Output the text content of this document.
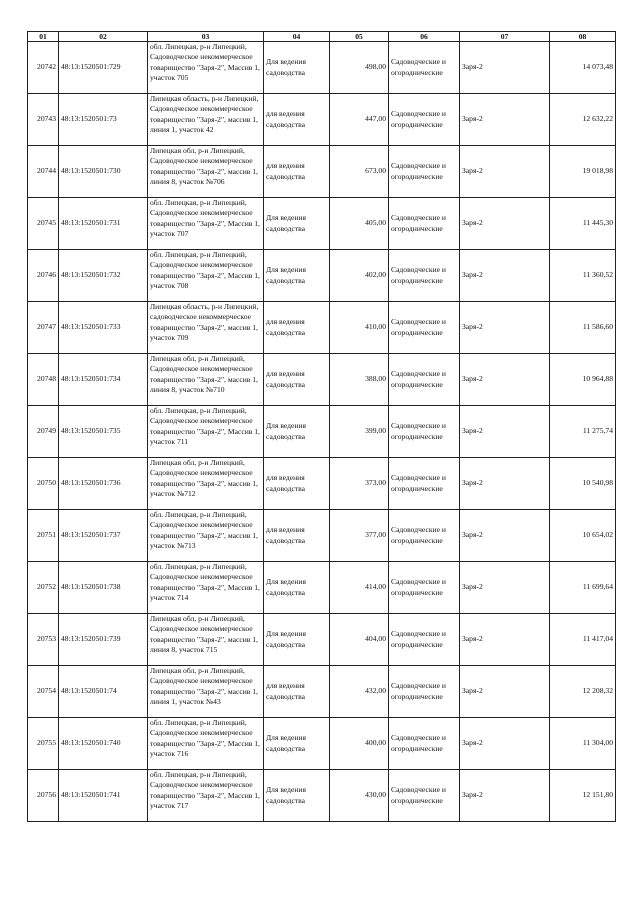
01	02	03	04	05	06	07	08
20742	48:13:1520501:729	обл. Липецкая, р-н Липецкий, Садоводческое некоммерческое товарищество "Заря-2", Массив 1, участок 705	Для ведения садоводства	498,00	Садоводческие и огороднические	Заря-2	14 073,48
20743	48:13:1520501:73	Липецкая область, р-н Липецкий, Садоводческое некоммерческое товарищество "Заря-2", массив 1, линия 1, участок 42	для ведения садоводства	447,00	Садоводческие и огороднические	Заря-2	12 632,22
20744	48:13:1520501:730	Липецкая обл, р-н Липецкий, Садоводческое некоммерческое товарищество "Заря-2", массив 1, линия 8, участок №706	для ведения садоводства	673,00	Садоводческие и огороднические	Заря-2	19 018,98
20745	48:13:1520501:731	обл. Липецкая, р-н Липецкий, Садоводческое некоммерческое товарищество "Заря-2", Массив 1, участок 707	Для ведения садоводства	405,00	Садоводческие и огороднические	Заря-2	11 445,30
20746	48:13:1520501:732	обл. Липецкая, р-н Липецкий, Садоводческое некоммерческое товарищество "Заря-2", Массив 1, участок 708	Для ведения садоводства	402,00	Садоводческие и огороднические	Заря-2	11 360,52
20747	48:13:1520501:733	Липецкая область, р-н Липецкий, садоводческое некоммерческое товарищество "Заря-2", массив 1, участок 709	для ведения садоводства	410,00	Садоводческие и огороднические	Заря-2	11 586,60
20748	48:13:1520501:734	Липецкая обл, р-н Липецкий, Садоводческое некоммерческое товарищество "Заря-2", массив 1, линия 8, участок №710	для ведения садоводства	388,00	Садоводческие и огороднические	Заря-2	10 964,88
20749	48:13:1520501:735	обл. Липецкая, р-н Липецкий, Садоводческое некоммерческое товарищество "Заря-2", Массив 1, участок 711	Для ведения садоводства	399,00	Садоводческие и огороднические	Заря-2	11 275,74
20750	48:13:1520501:736	Липецкая обл, р-н Липецкий, Садоводческое некоммерческое товарищество "Заря-2", массив 1, участок №712	для ведения садоводства	373,00	Садоводческие и огороднические	Заря-2	10 540,98
20751	48:13:1520501:737	обл. Липецкая, р-н Липецкий, Садоводческое некоммерческое товарищество "Заря-2", массив 1, участок №713	для ведения садоводства	377,00	Садоводческие и огороднические	Заря-2	10 654,02
20752	48:13:1520501:738	обл. Липецкая, р-н Липецкий, Садоводческое некоммерческое товарищество "Заря-2", Массив 1, участок 714	Для ведения садоводства	414,00	Садоводческие и огороднические	Заря-2	11 699,64
20753	48:13:1520501:739	Липецкая обл, р-н Липецкий, Садоводческое некоммерческое товарищество "Заря-2", массив 1, линия 8, участок 715	Для ведения садоводства	404,00	Садоводческие и огороднические	Заря-2	11 417,04
20754	48:13:1520501:74	Липецкая обл, р-н Липецкий, Садоводческое некоммерческое товарищество "Заря-2", массив 1, линия 1, участок №43	для ведения садоводства	432,00	Садоводческие и огороднические	Заря-2	12 208,32
20755	48:13:1520501:740	обл. Липецкая, р-н Липецкий, Садоводческое некоммерческое товарищество "Заря-2", Массив 1, участок 716	Для ведения садоводства	400,00	Садоводческие и огороднические	Заря-2	11 304,00
20756	48:13:1520501:741	обл. Липецкая, р-н Липецкий, Садоводческое некоммерческое товарищество "Заря-2", Массив 1, участок 717	Для ведения садоводства	430,00	Садоводческие и огороднические	Заря-2	12 151,80
